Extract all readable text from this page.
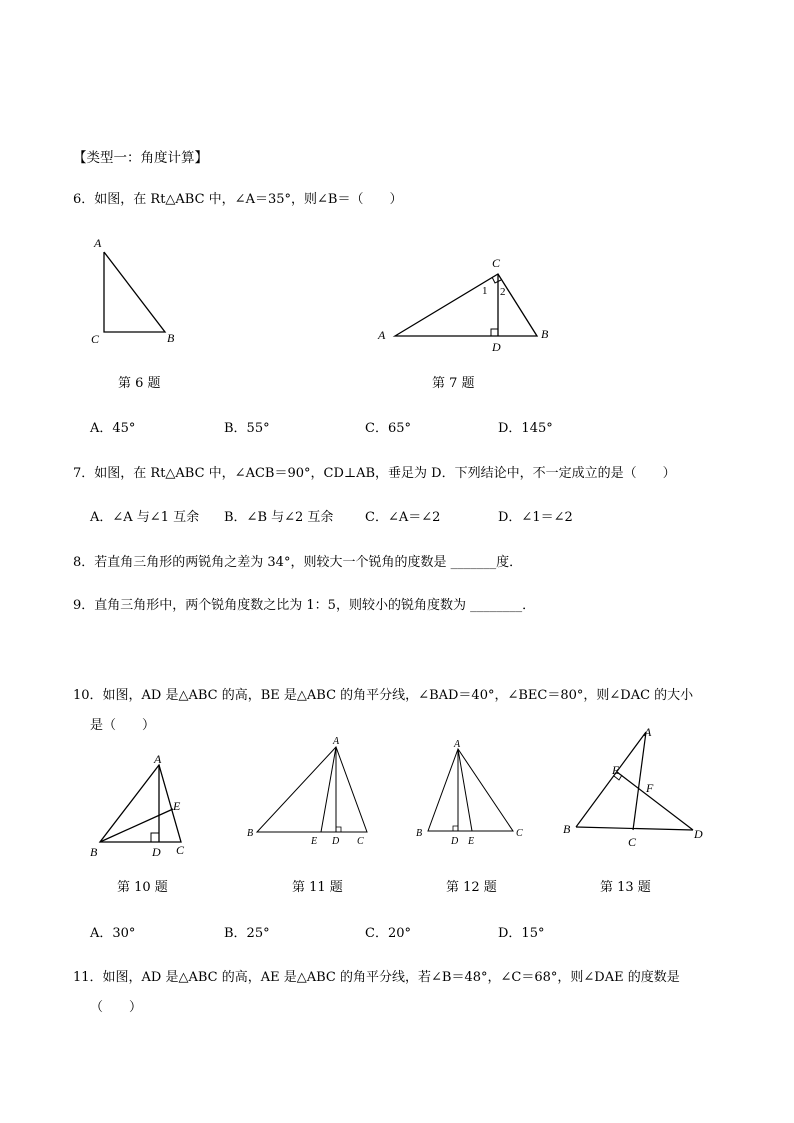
【类型一：角度计算】
6．如图，在 Rt△ABC 中，∠A＝35°，则∠B＝（　　）
A
B
C
第 6 题
C
A	B
D
1 2
第 7 题
A．45°	B．55°	C．65°	D．145°
7．如图，在 Rt△ABC 中，∠ACB＝90°，CD⊥AB，垂足为 D．下列结论中，不一定成立的是（　　）
A．∠A 与∠1 互余 B．∠B 与∠2 互余 C．∠A＝∠2	D．∠1＝∠2
8．若直角三角形的两锐角之差为 34°，则较大一个锐角的度数是 _______度．
9．直角三角形中，两个锐角度数之比为 1：5，则较小的锐角度数为 ________．
10．如图，AD 是△ABC 的高，BE 是△ABC 的角平分线，∠BAD＝40°，∠BEC＝80°，则∠DAC 的大小
是（　　）
A
B	C
D
E
第 10 题
A
B
E D C
第 11 题
A
B
D E
C
第 12 题
A
E
F
B
C
D
第 13 题
A．30°	B．25°	C．20°	D．15°
11．如图，AD 是△ABC 的高，AE 是△ABC 的角平分线，若∠B＝48°，∠C＝68°，则∠DAE 的度数是
（　　）
